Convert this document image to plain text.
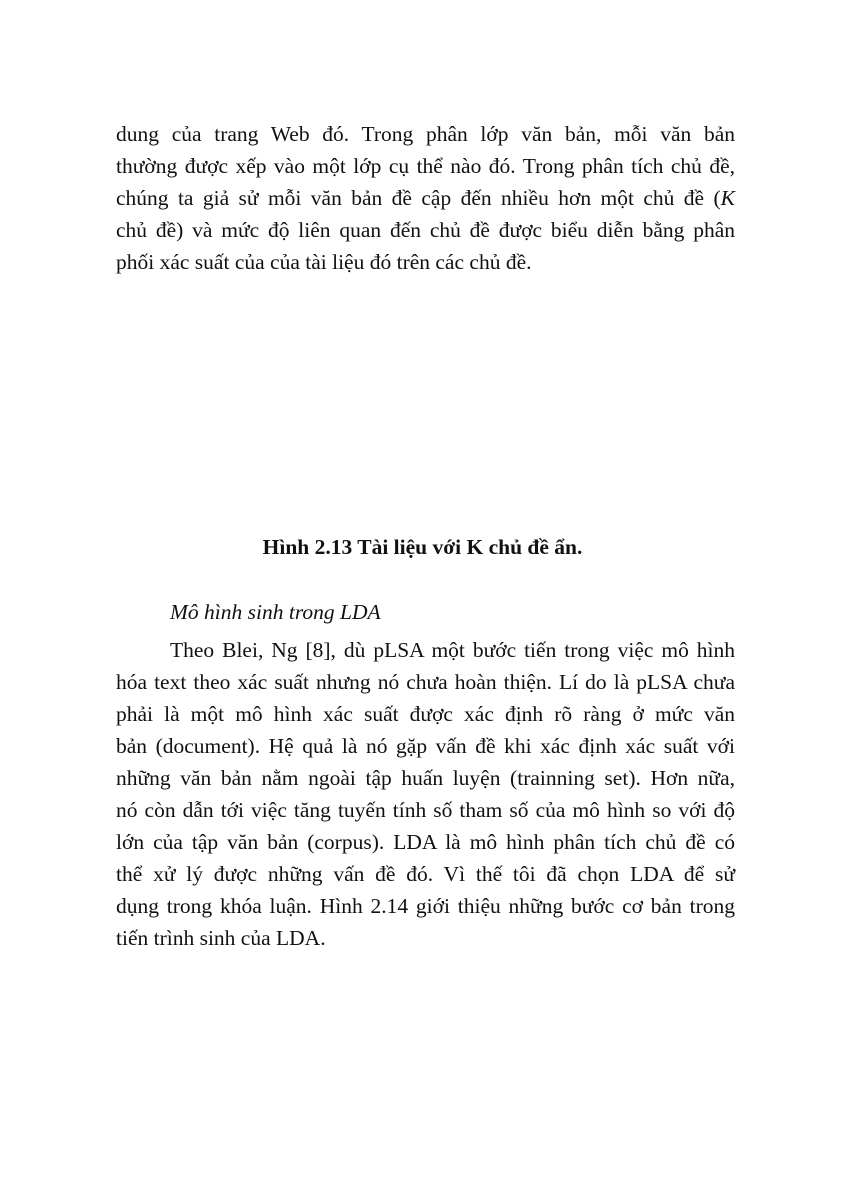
dung của trang Web đó. Trong phân lớp văn bản, mỗi văn bản
thường được xếp vào một lớp cụ thể nào đó. Trong phân tích chủ đề,
chúng ta giả sử mỗi văn bản đề cập đến nhiều hơn một chủ đề (K
chủ đề) và mức độ liên quan đến chủ đề được biểu diễn bằng phân
phối xác suất của của tài liệu đó trên các chủ đề.
Hình 2.13 Tài liệu với K chủ đề ẩn.
Mô hình sinh trong LDA
Theo Blei, Ng [8], dù pLSA một bước tiến trong việc mô hình
hóa text theo xác suất nhưng nó chưa hoàn thiện. Lí do là pLSA chưa
phải là một mô hình xác suất được xác định rõ ràng ở mức văn
bản (document). Hệ quả là nó gặp vấn đề khi xác định xác suất với
những văn bản nằm ngoài tập huấn luyện (trainning set). Hơn nữa,
nó còn dẫn tới việc tăng tuyến tính số tham số của mô hình so với độ
lớn của tập văn bản (corpus). LDA là mô hình phân tích chủ đề có
thể xử lý được những vấn đề đó. Vì thế tôi đã chọn LDA để sử
dụng trong khóa luận. Hình 2.14 giới thiệu những bước cơ bản trong
tiến trình sinh của LDA.
